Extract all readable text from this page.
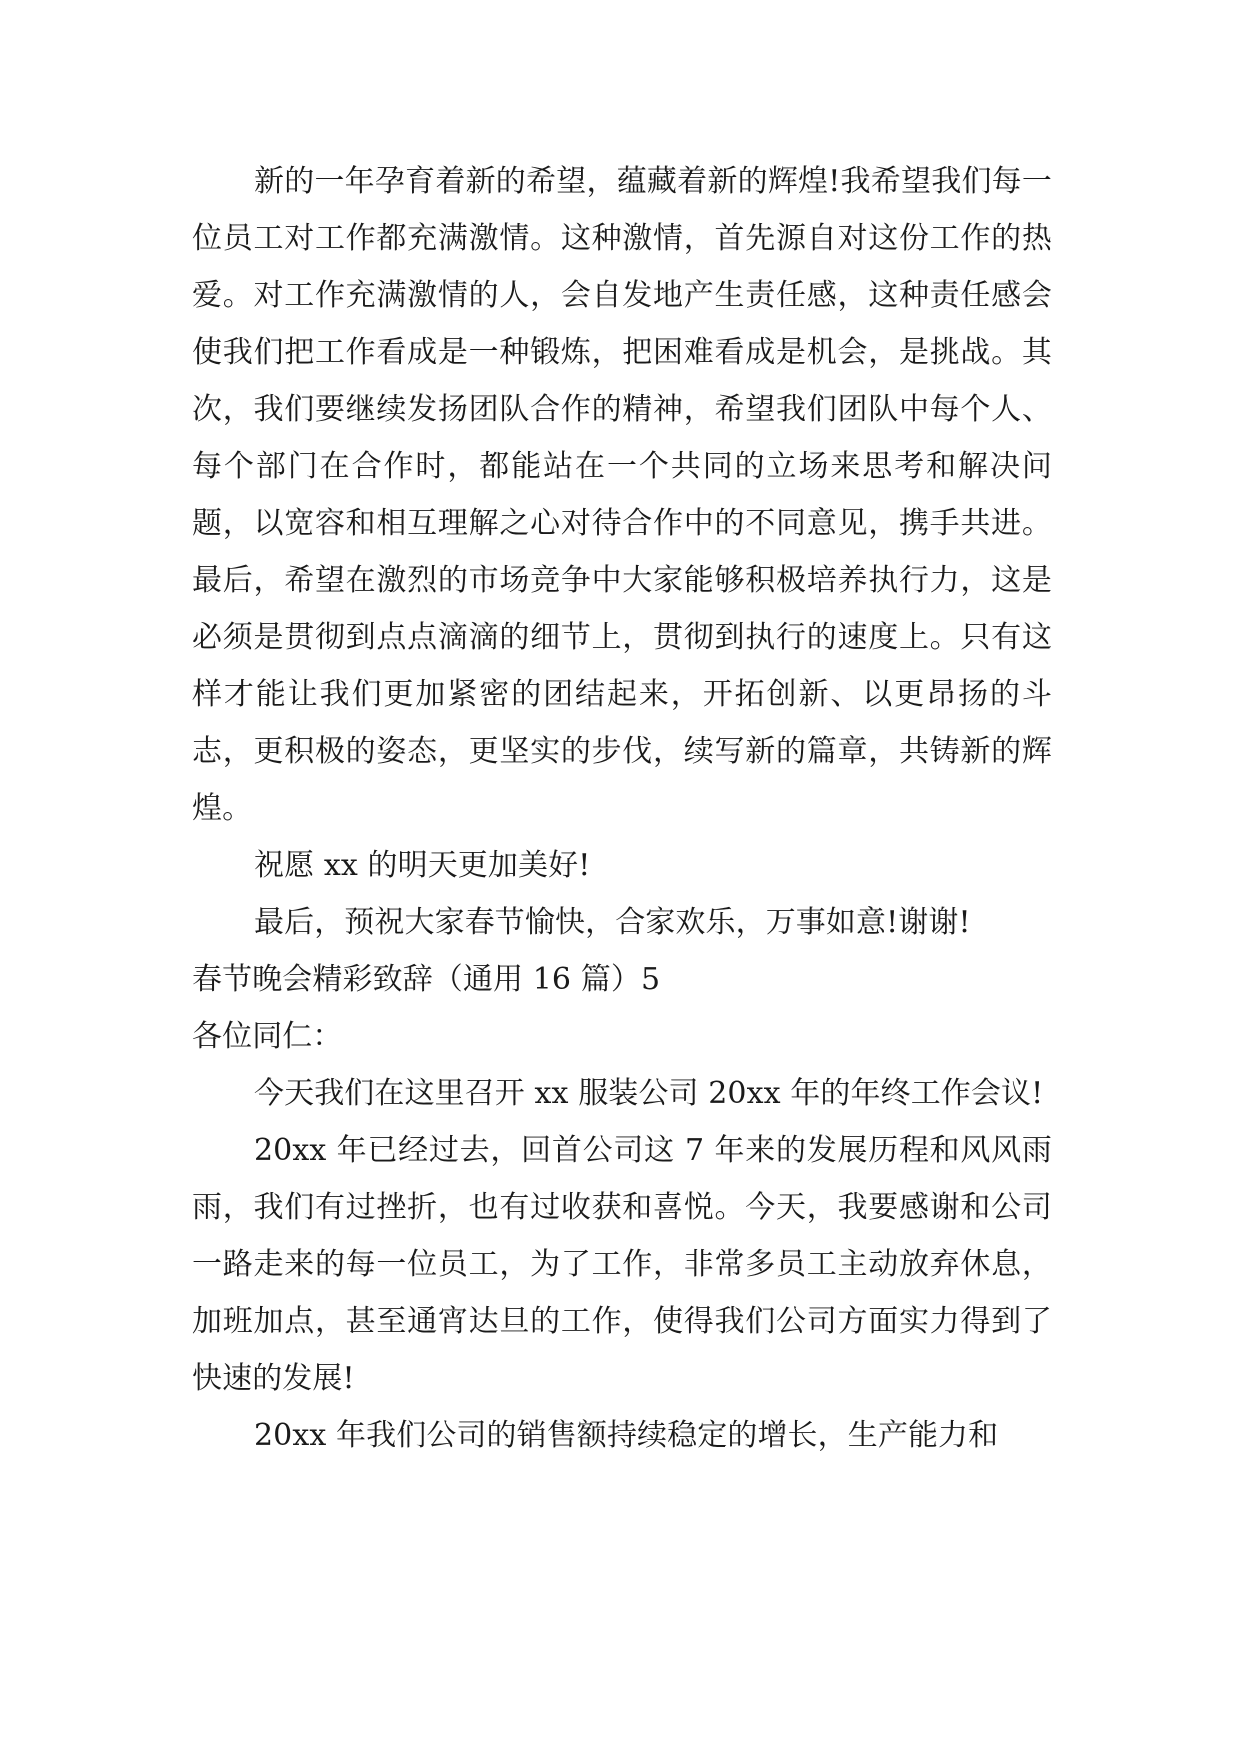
新的一年孕育着新的希望，蕴藏着新的辉煌!我希望我们每一位员工对工作都充满激情。这种激情，首先源自对这份工作的热爱。对工作充满激情的人，会自发地产生责任感，这种责任感会使我们把工作看成是一种锻炼，把困难看成是机会，是挑战。其次，我们要继续发扬团队合作的精神，希望我们团队中每个人、每个部门在合作时，都能站在一个共同的立场来思考和解决问题，以宽容和相互理解之心对待合作中的不同意见，携手共进。最后，希望在激烈的市场竞争中大家能够积极培养执行力，这是必须是贯彻到点点滴滴的细节上，贯彻到执行的速度上。只有这样才能让我们更加紧密的团结起来，开拓创新、以更昂扬的斗志，更积极的姿态，更坚实的步伐，续写新的篇章，共铸新的辉煌。

祝愿 xx 的明天更加美好!

最后，预祝大家春节愉快，合家欢乐，万事如意!谢谢!

春节晚会精彩致辞（通用 16 篇）5

各位同仁：

今天我们在这里召开 xx 服装公司 20xx 年的年终工作会议!

20xx 年已经过去，回首公司这 7 年来的发展历程和风风雨雨，我们有过挫折，也有过收获和喜悦。今天，我要感谢和公司一路走来的每一位员工，为了工作，非常多员工主动放弃休息，加班加点，甚至通宵达旦的工作，使得我们公司方面实力得到了快速的发展!

20xx 年我们公司的销售额持续稳定的增长，生产能力和
